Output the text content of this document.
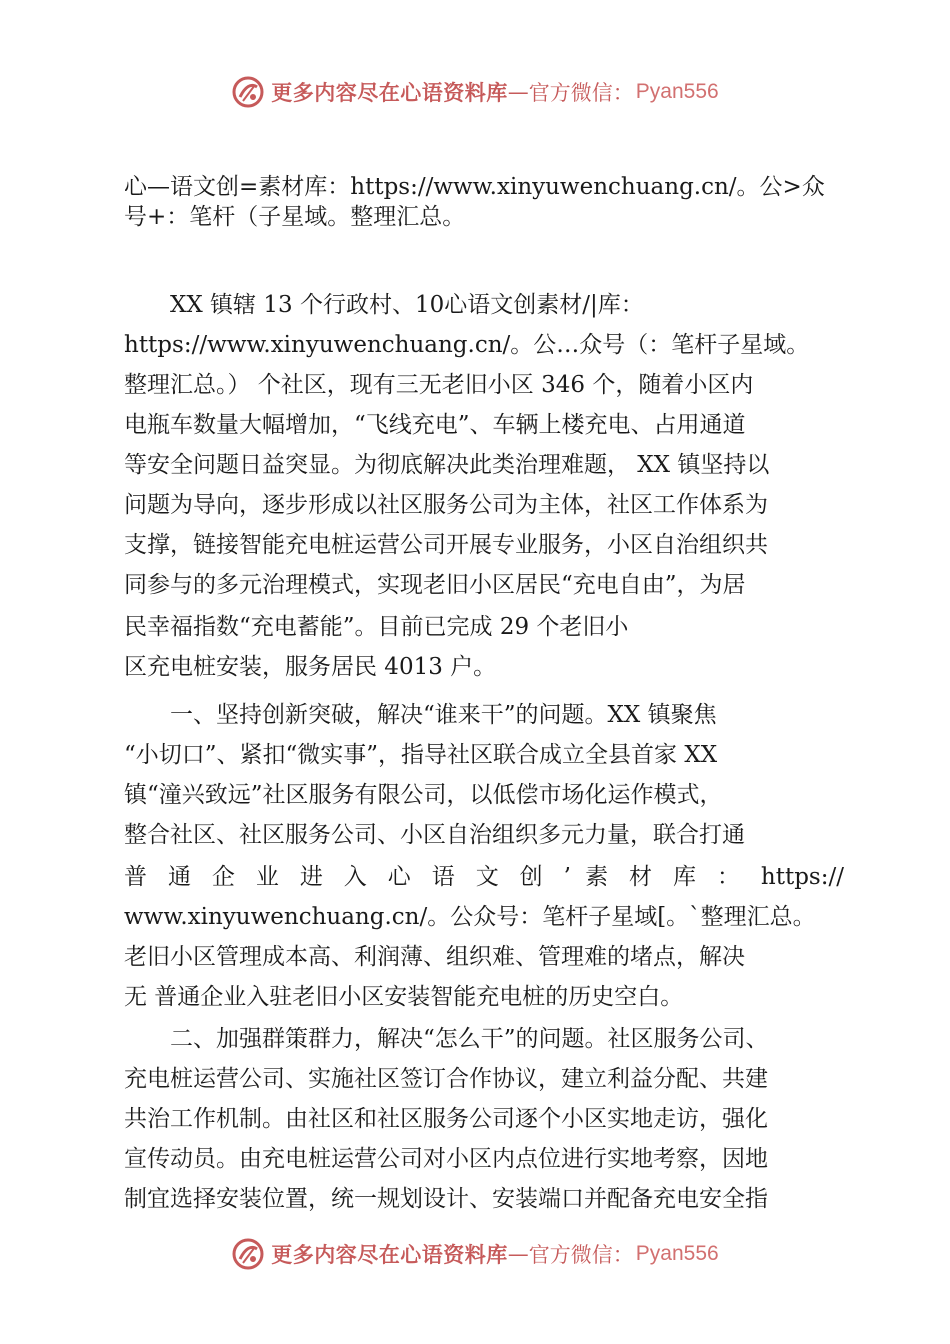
更多内容尽在心语资料库 — 官方微信： Pyan556
心—语文创=素材库：https://www.xinyuwenchuang.cn/。公>众
号+：笔杆（子星域。整理汇总。
XX 镇辖 13 个行政村、10心语文创素材/|库：
https://www.xinyuwenchuang.cn/。公…众号（：笔杆子星域。
整理汇总。） 个社区，现有三无老旧小区 346 个，随着小区内
电瓶车数量大幅增加，“飞线充电”、车辆上楼充电、占用通道
等安全问题日益突显。为彻底解决此类治理难题， XX 镇坚持以
问题为导向，逐步形成以社区服务公司为主体，社区工作体系为
支撑，链接智能充电桩运营公司开展专业服务，小区自治组织共
同参与的多元治理模式，实现老旧小区居民“充电自由”，为居
民幸福指数“充电蓄能”。目前已完成 29 个老旧小
区充电桩安装，服务居民 4013 户。
一、坚持创新突破，解决“谁来干”的问题。XX 镇聚焦
“小切口”、紧扣“微实事”，指导社区联合成立全县首家 XX
镇“潼兴致远”社区服务有限公司，以低偿市场化运作模式，
整合社区、社区服务公司、小区自治组织多元力量，联合打通
普 通 企 业 进 入 心 语 文 创 ’ 素 材 库 ： https://
www.xinyuwenchuang.cn/。公众号：笔杆子星域[。`整理汇总。
老旧小区管理成本高、利润薄、组织难、管理难的堵点，解决
无 普通企业入驻老旧小区安装智能充电桩的历史空白。
二、加强群策群力，解决“怎么干”的问题。社区服务公司、
充电桩运营公司、实施社区签订合作协议，建立利益分配、共建
共治工作机制。由社区和社区服务公司逐个小区实地走访，强化
宣传动员。由充电桩运营公司对小区内点位进行实地考察，因地
制宜选择安装位置，统一规划设计、安装端口并配备充电安全指
更多内容尽在心语资料库 — 官方微信： Pyan556
